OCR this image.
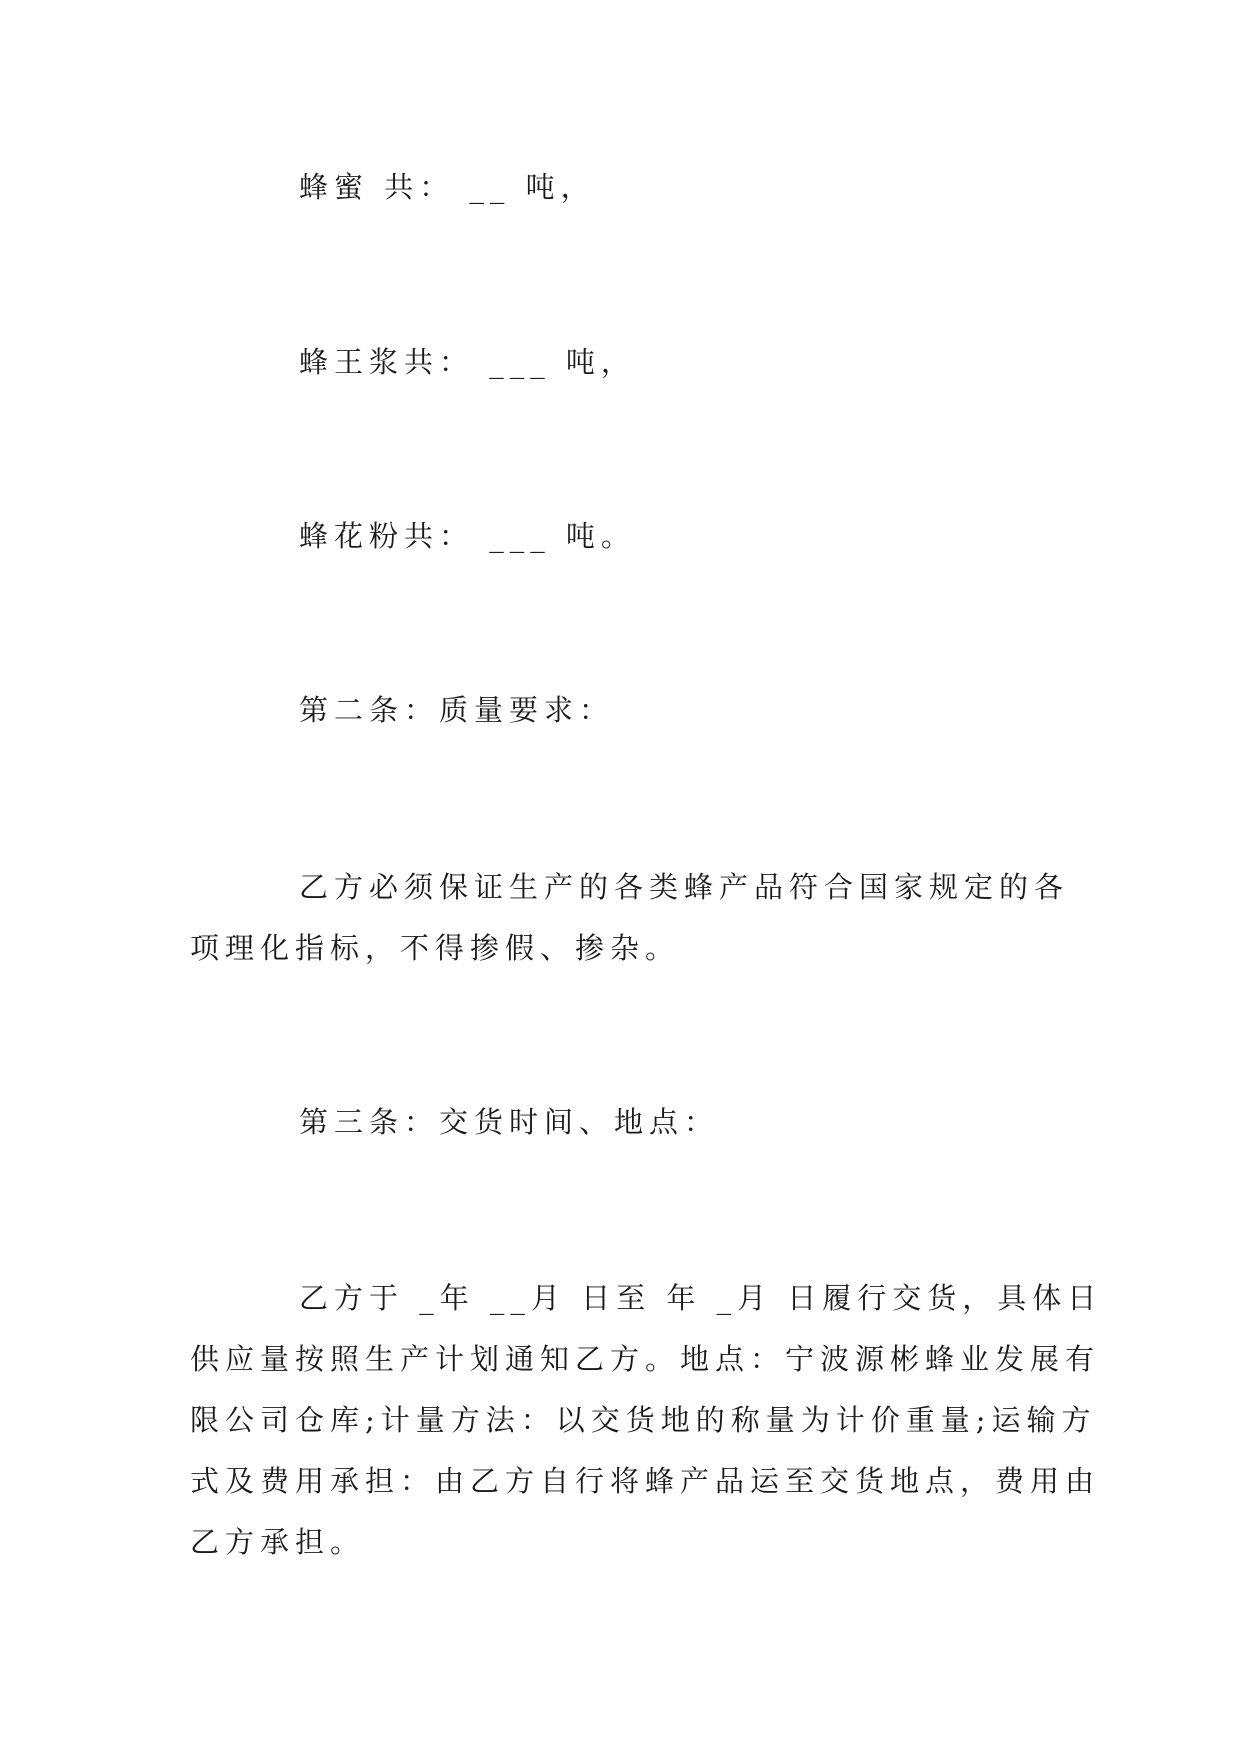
蜂蜜 共： __ 吨，
蜂王浆共： ___ 吨，
蜂花粉共： ___ 吨。
第二条：质量要求：
乙方必须保证生产的各类蜂产品符合国家规定的各
项理化指标，不得掺假、掺杂。
第三条：交货时间、地点：
乙方于 _年 __月 日至 年 _月 日履行交货，具体日
供应量按照生产计划通知乙方。地点：宁波源彬蜂业发展有
限公司仓库;计量方法：以交货地的称量为计价重量;运输方
式及费用承担：由乙方自行将蜂产品运至交货地点，费用由
乙方承担。
